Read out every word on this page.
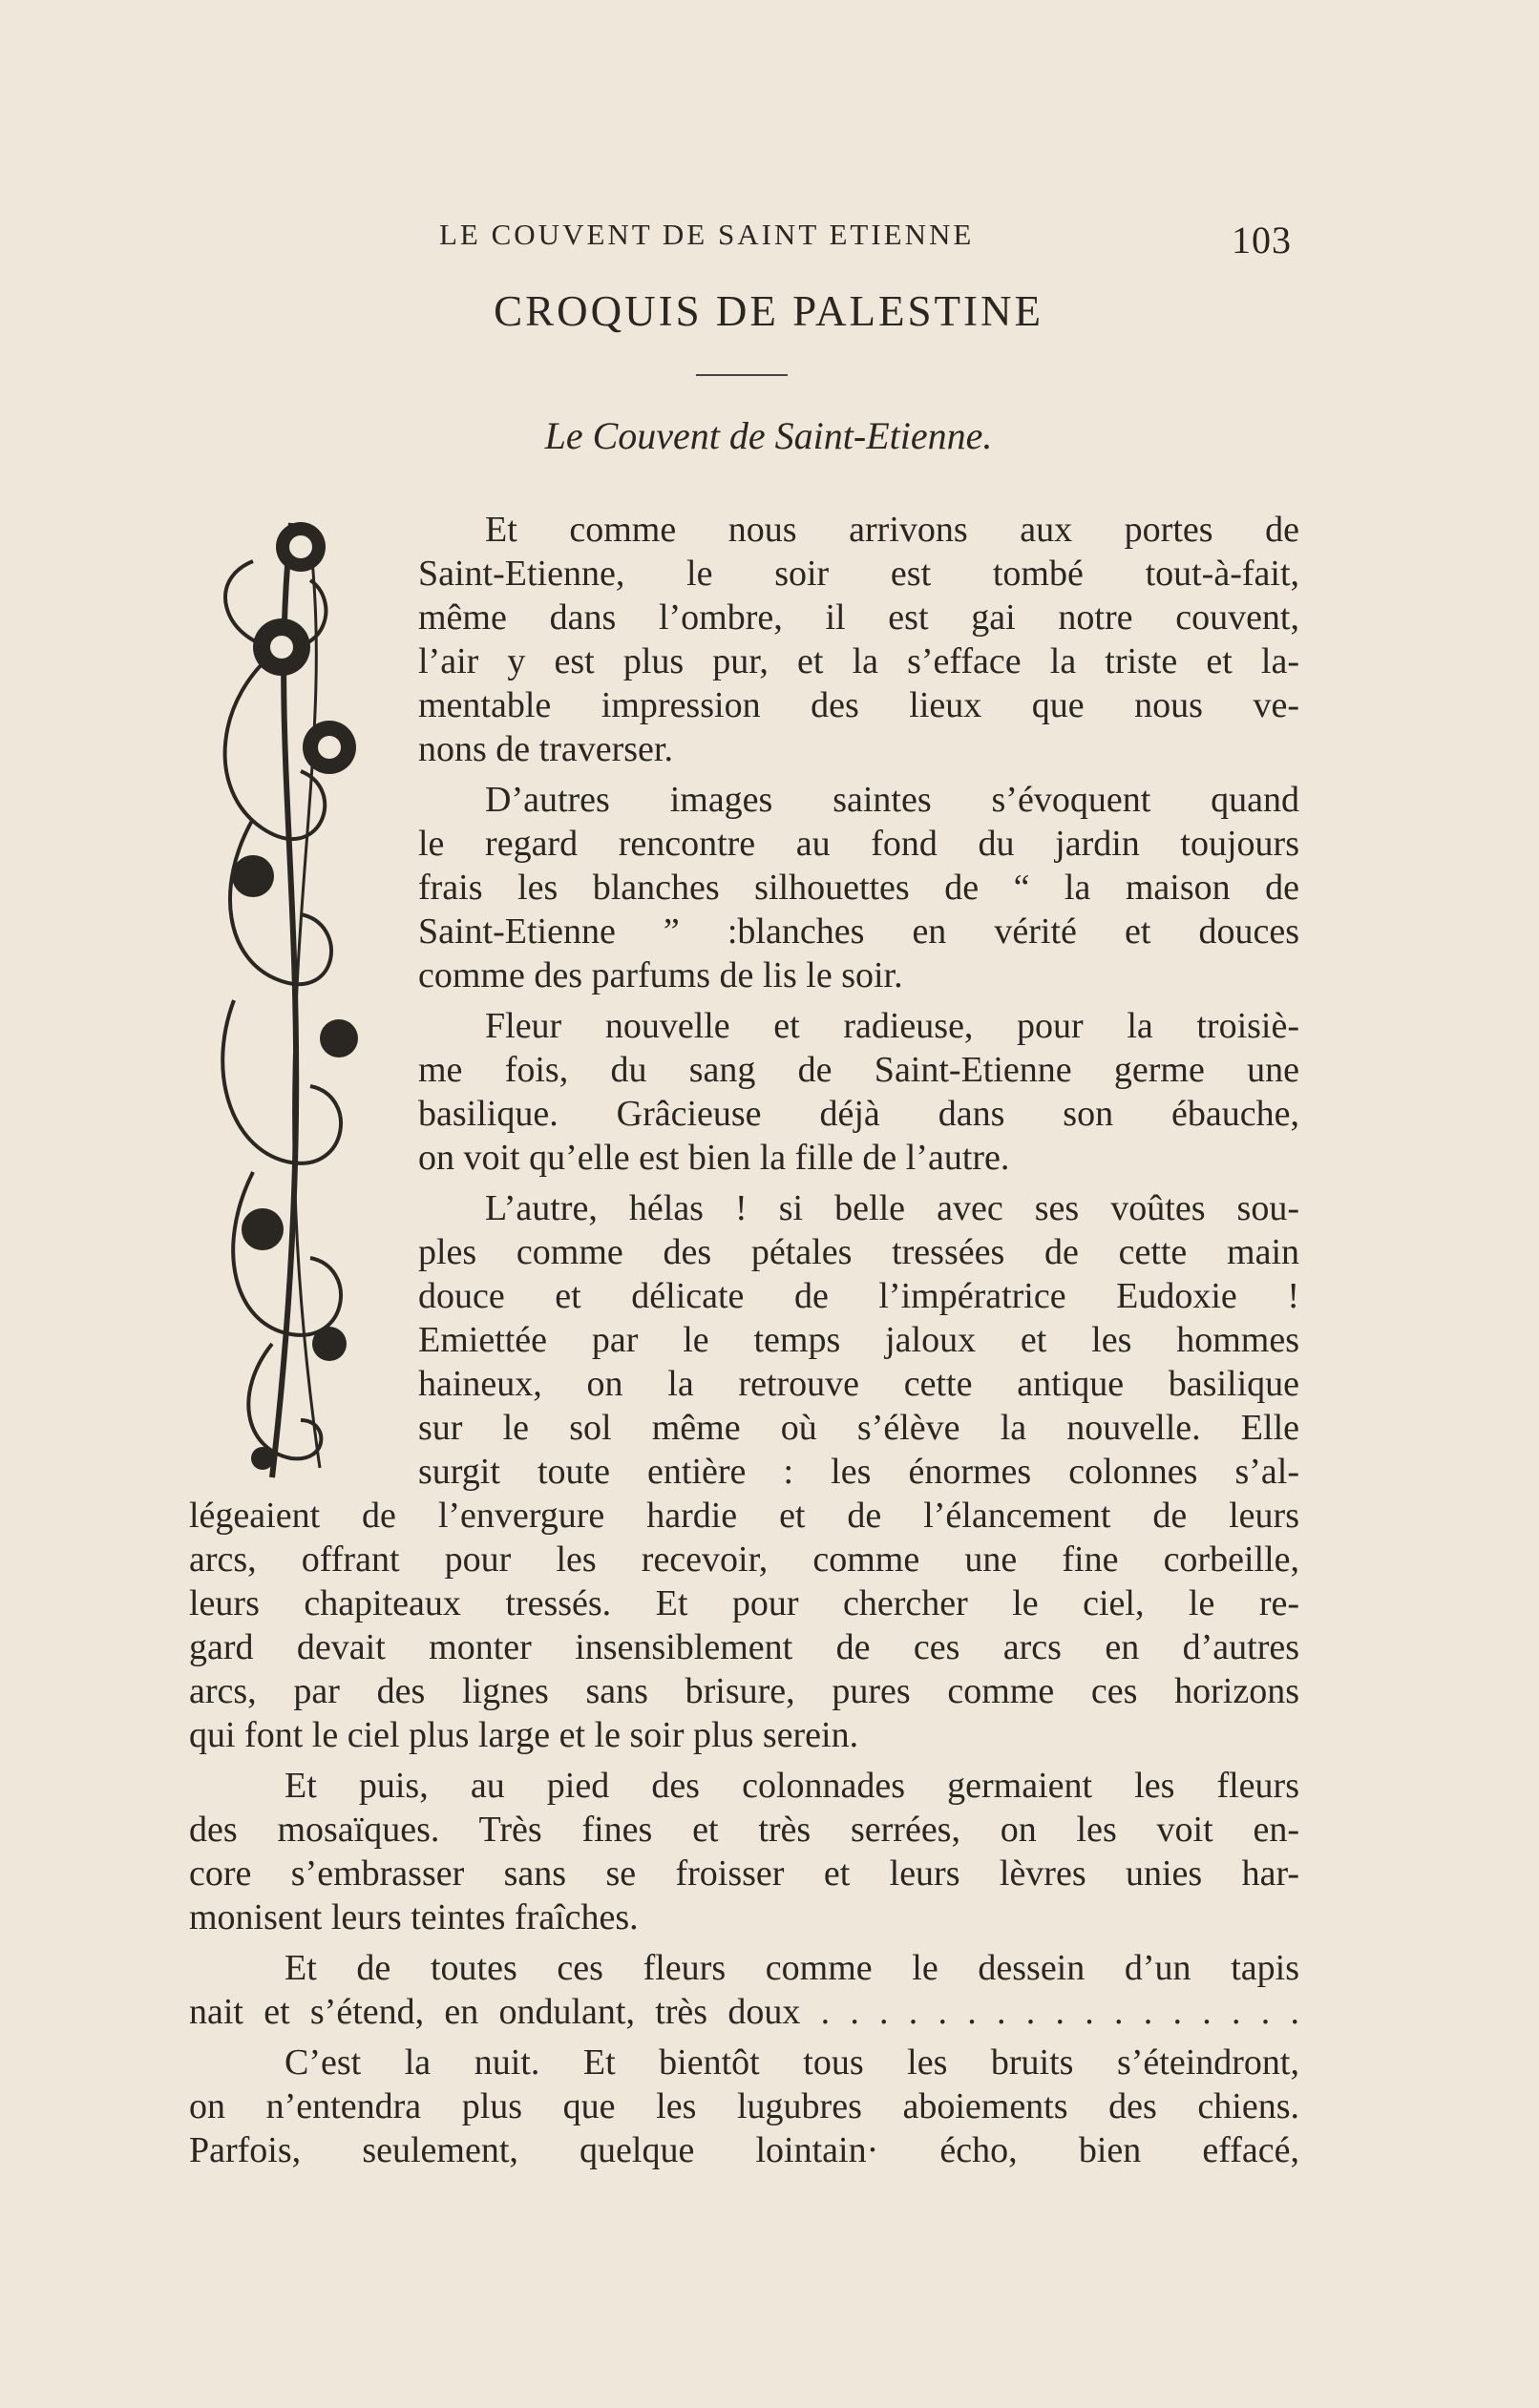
LE COUVENT DE SAINT ETIENNE	103
CROQUIS DE PALESTINE
Le Couvent de Saint-Etienne.
Et comme nous arrivons aux portes de
Saint-Etienne, le soir est tombé tout-à-fait,
même dans l’ombre, il est gai notre couvent,
l’air y est plus pur, et la s’efface la triste et la-
mentable impression des lieux que nous ve-
nons de traverser.
D’autres images saintes s’évoquent quand
le regard rencontre au fond du jardin toujours
frais les blanches silhouettes de “ la maison de
Saint-Etienne ” :blanches en vérité et douces
comme des parfums de lis le soir.
Fleur nouvelle et radieuse, pour la troisiè-
me fois, du sang de Saint-Etienne germe une
basilique. Grâcieuse déjà dans son ébauche,
on voit qu’elle est bien la fille de l’autre.
L’autre, hélas ! si belle avec ses voûtes sou-
ples comme des pétales tressées de cette main
douce et délicate de l’impératrice Eudoxie !
Emiettée par le temps jaloux et les hommes
haineux, on la retrouve cette antique basilique
sur le sol même où s’élève la nouvelle. Elle
surgit toute entière : les énormes colonnes s’al-
légeaient de l’envergure hardie et de l’élancement de leurs
arcs, offrant pour les recevoir, comme une fine corbeille,
leurs chapiteaux tressés. Et pour chercher le ciel, le re-
gard devait monter insensiblement de ces arcs en d’autres
arcs, par des lignes sans brisure, pures comme ces horizons
qui font le ciel plus large et le soir plus serein.
Et puis, au pied des colonnades germaient les fleurs
des mosaïques. Très fines et très serrées, on les voit en-
core s’embrasser sans se froisser et leurs lèvres unies har-
monisent leurs teintes fraîches.
Et de toutes ces fleurs comme le dessein d’un tapis
nait et s’étend, en ondulant, très doux . . . . . . . . . . . . . . . . .
C’est la nuit. Et bientôt tous les bruits s’éteindront,
on n’entendra plus que les lugubres aboiements des chiens.
Parfois, seulement, quelque lointain· écho, bien effacé,
